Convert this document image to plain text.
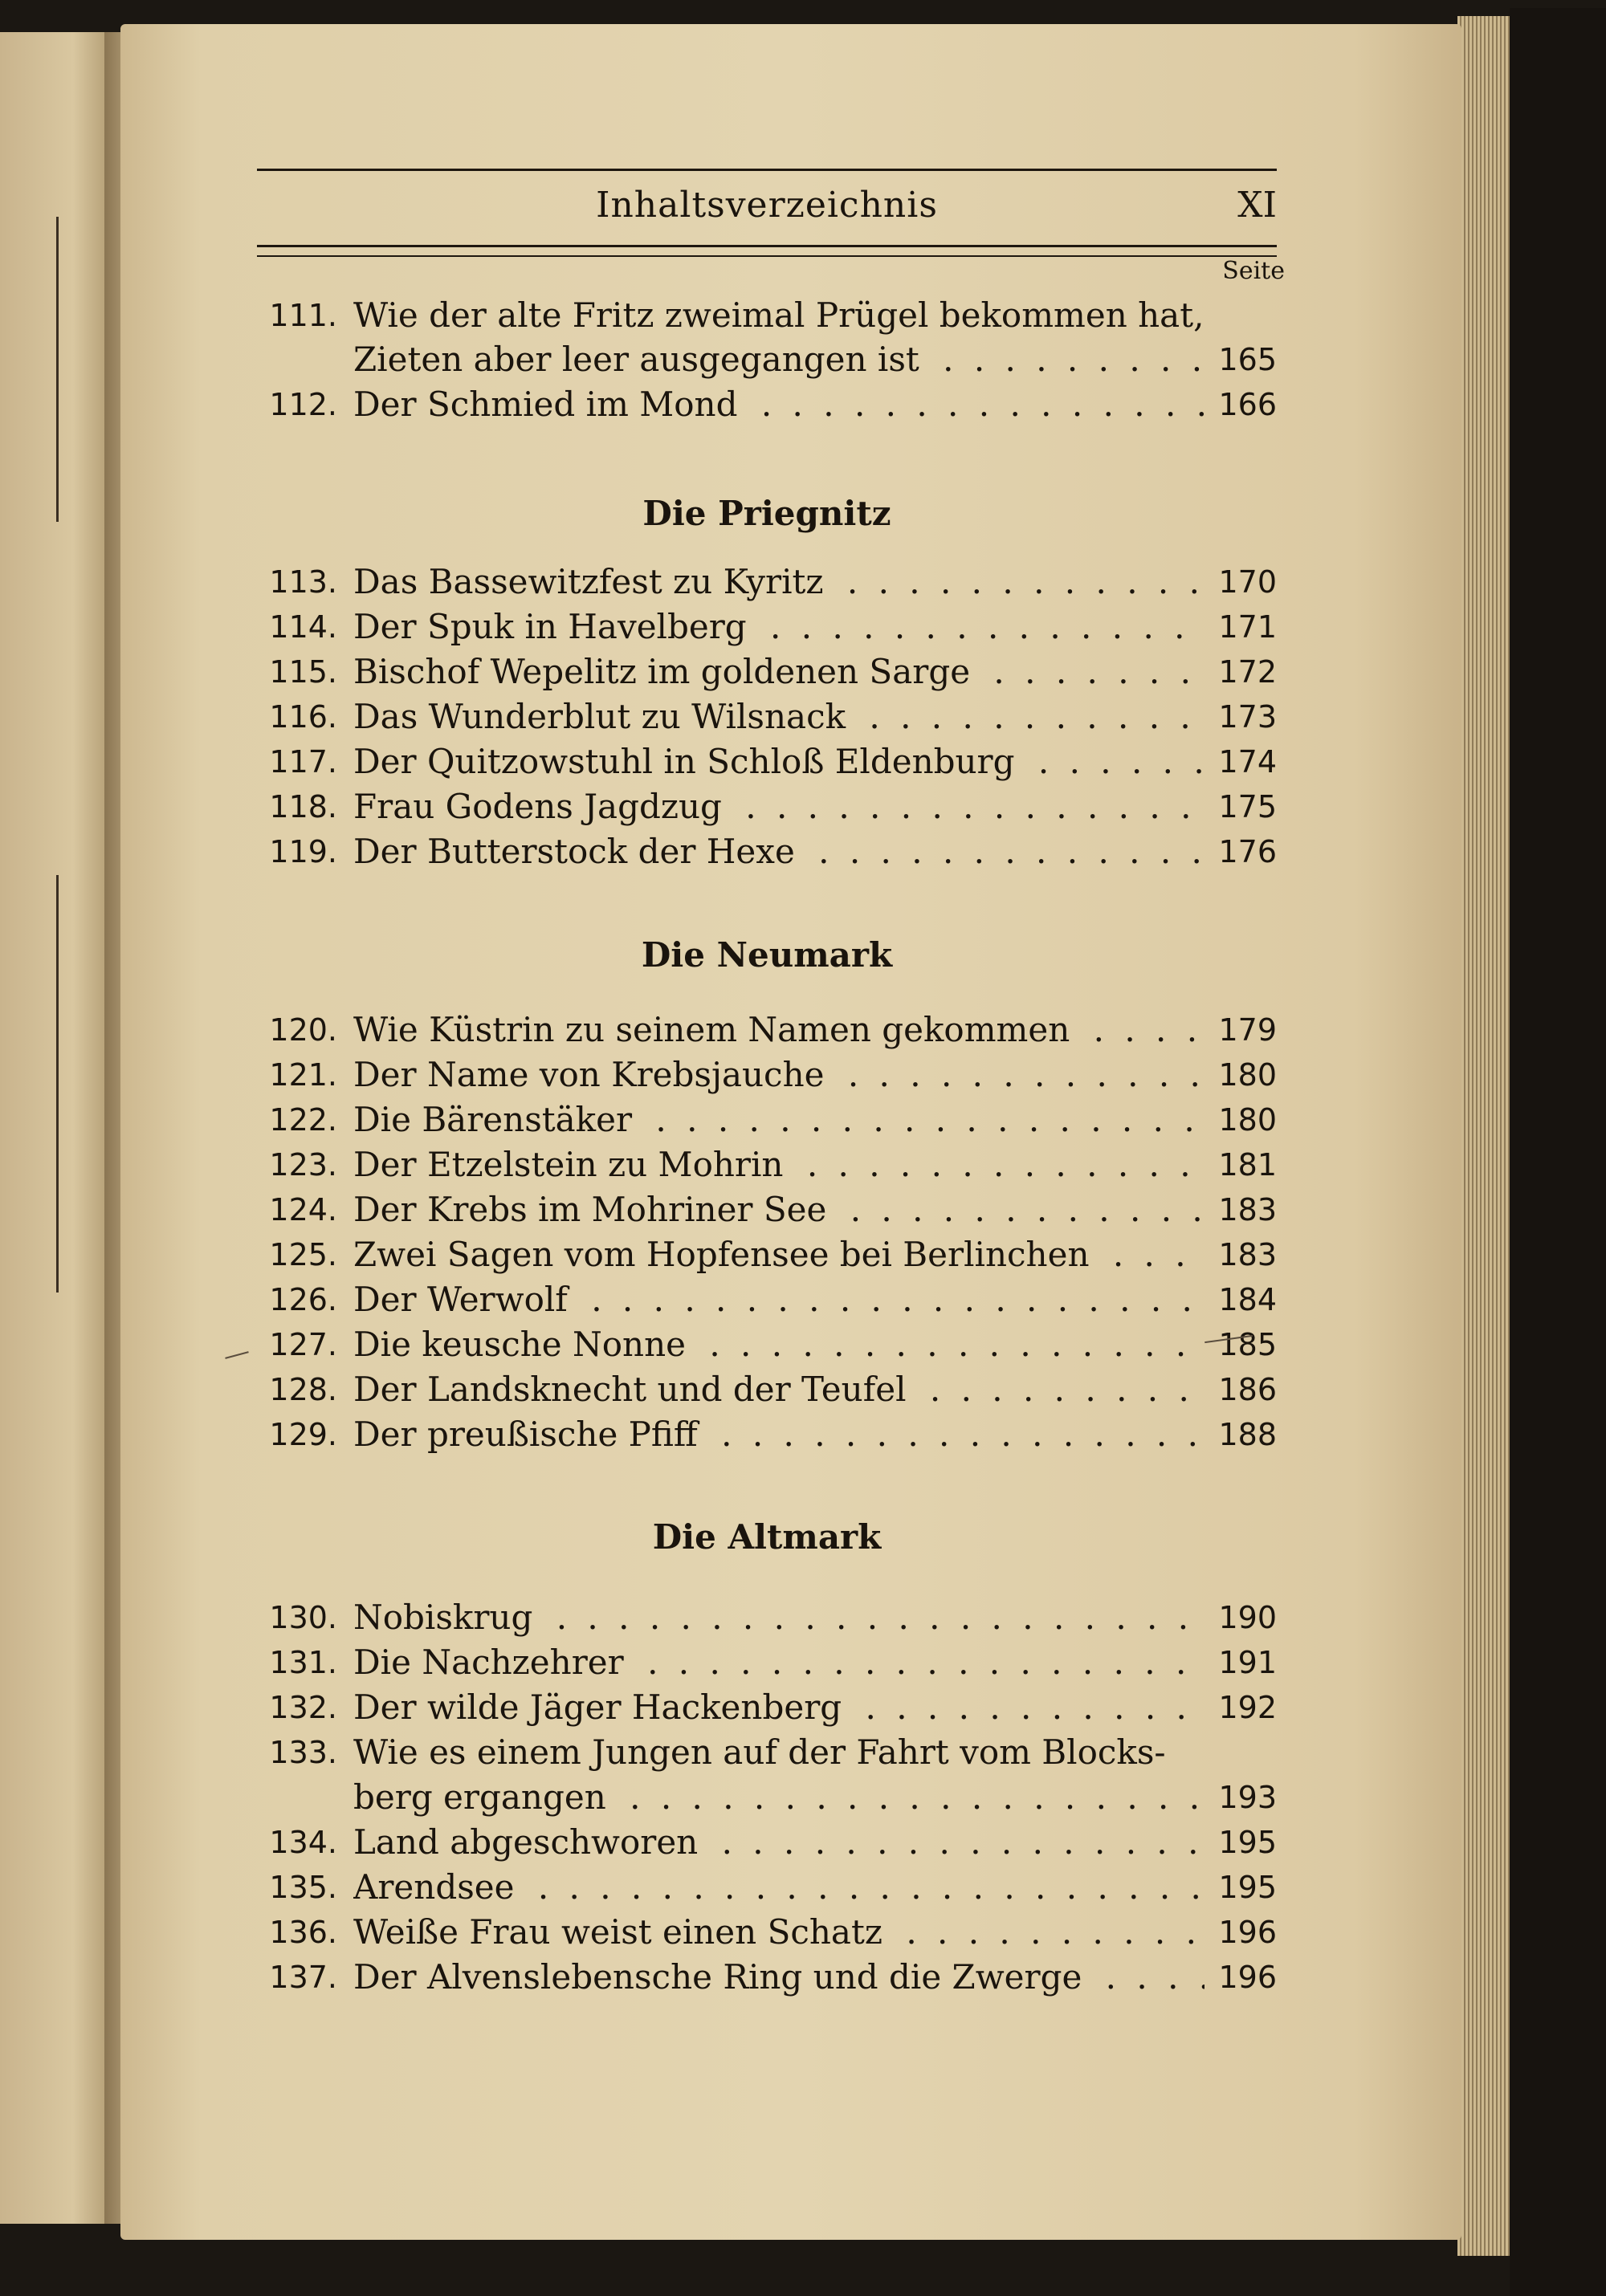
Inhaltsverzeichnis	XI
Seite
111. Wie der alte Fritz zweimal Prügel bekommen hat,
Zieten aber leer ausgegangen ist . . .	165
112. Der Schmied im Mond . . .	166
Die Priegnitz
113. Das Bassewitzfest zu Kyritz . . .	170
114. Der Spuk in Havelberg . . .	171
115. Bischof Wepelitz im goldenen Sarge . . .	172
116. Das Wunderblut zu Wilsnack . . .	173
117. Der Quitzowstuhl in Schloß Eldenburg . . .	174
118. Frau Godens Jagdzug . . .	175
119. Der Butterstock der Hexe . . .	176
Die Neumark
120. Wie Küstrin zu seinem Namen gekommen . . .	179
121. Der Name von Krebsjauche . . .	180
122. Die Bärenstäker . . .	180
123. Der Etzelstein zu Mohrin . . .	181
124. Der Krebs im Mohriner See . . .	183
125. Zwei Sagen vom Hopfensee bei Berlinchen . . .	183
126. Der Werwolf . . .	184
127. Die keusche Nonne . . .	185
128. Der Landsknecht und der Teufel . . .	186
129. Der preußische Pfiff . . .	188
Die Altmark
130. Nobiskrug . . .	190
131. Die Nachzehrer . . .	191
132. Der wilde Jäger Hackenberg . . .	192
133. Wie es einem Jungen auf der Fahrt vom Blocks-
berg ergangen . . .	193
134. Land abgeschworen . . .	195
135. Arendsee . . .	195
136. Weiße Frau weist einen Schatz . . .	196
137. Der Alvenslebensche Ring und die Zwerge . . .	196
